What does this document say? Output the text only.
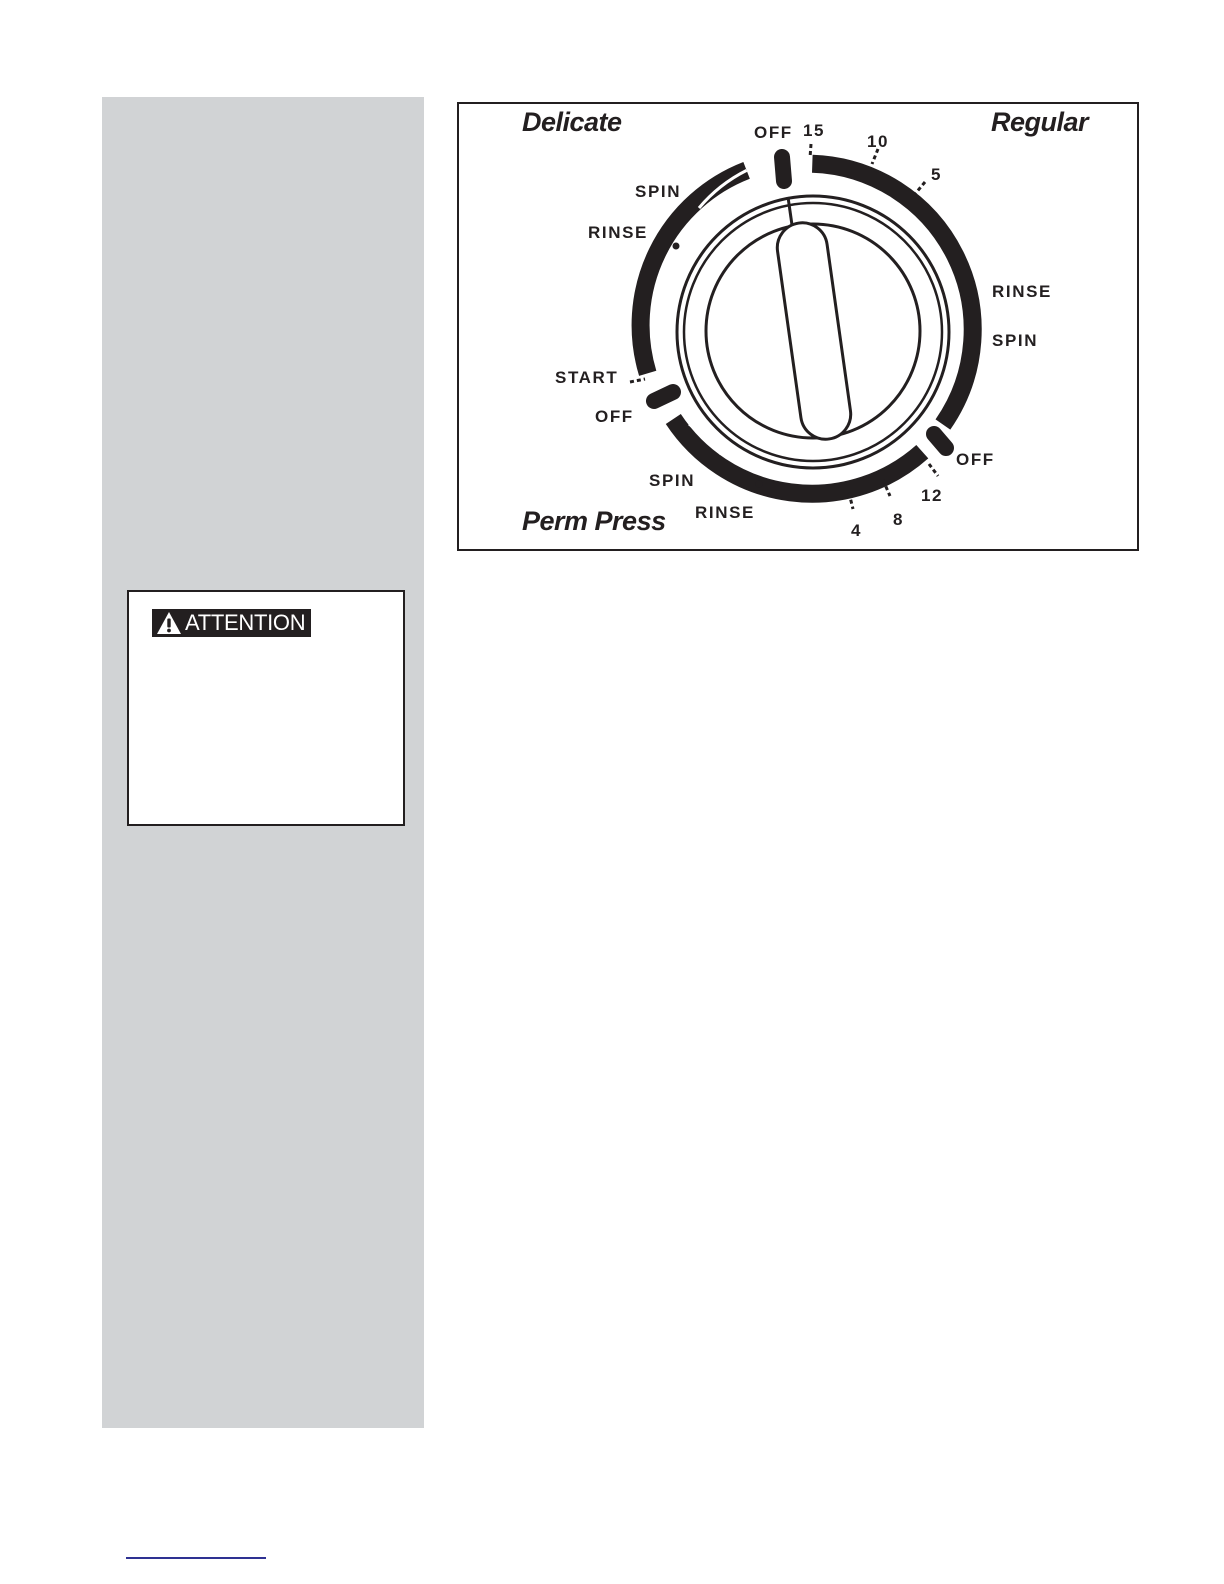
ATTENTION
Delicate	Regular
Perm Press
OFF 15
10
5
RINSE
SPIN
OFF
12
8
4
RINSE
SPIN
OFF
START
RINSE
SPIN
